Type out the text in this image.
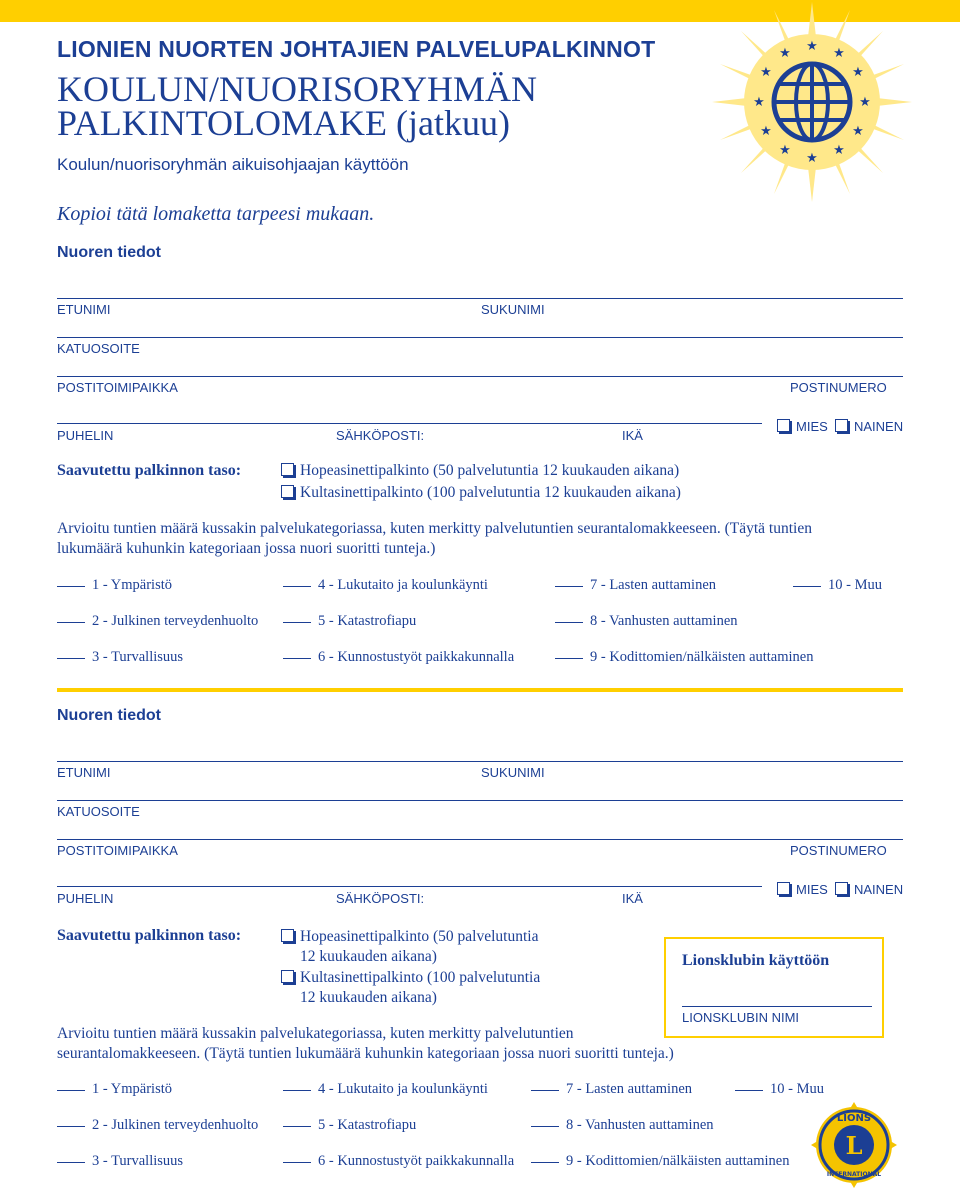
★ ★
★
★
★
★
★
★
★
★
★
★
LIONIEN NUORTEN JOHTAJIEN PALVELUPALKINNOT
KOULUN/NUORISORYHMÄN
PALKINTOLOMAKE (jatkuu)
Koulun/nuorisoryhmän aikuisohjaajan käyttöön
Kopioi tätä lomaketta tarpeesi mukaan.
Nuoren tiedot
ETUNIMI	SUKUNIMI
KATUOSOITE
POSTITOIMIPAIKKA	POSTINUMERO
PUHELIN	SÄHKÖPOSTI:	IKÄ
MIES	NAINEN
Saavutettu palkinnon taso:	Hopeasinettipalkinto (50 palvelutuntia 12 kuukauden aikana)
Kultasinettipalkinto (100 palvelutuntia 12 kuukauden aikana)
Arvioitu tuntien määrä kussakin palvelukategoriassa, kuten merkitty palvelutuntien seurantalomakkeeseen. (Täytä tuntien
lukumäärä kuhunkin kategoriaan jossa nuori suoritti tunteja.)
1 - Ympäristö	4 - Lukutaito ja koulunkäynti	7 - Lasten auttaminen	10 - Muu
2 - Julkinen terveydenhuolto	5 - Katastrofiapu	8 - Vanhusten auttaminen
3 - Turvallisuus	6 - Kunnostustyöt paikkakunnalla	9 - Kodittomien/nälkäisten auttaminen
Nuoren tiedot
ETUNIMI	SUKUNIMI
KATUOSOITE
POSTITOIMIPAIKKA	POSTINUMERO
PUHELIN	SÄHKÖPOSTI:	IKÄ
MIES	NAINEN
Saavutettu palkinnon taso:	Hopeasinettipalkinto (50 palvelutuntia
12 kuukauden aikana)
Kultasinettipalkinto (100 palvelutuntia
12 kuukauden aikana)
Lionsklubin käyttöön
LIONSKLUBIN NIMI
Arvioitu tuntien määrä kussakin palvelukategoriassa, kuten merkitty palvelutuntien
seurantalomakkeeseen. (Täytä tuntien lukumäärä kuhunkin kategoriaan jossa nuori suoritti tunteja.)
1 - Ympäristö	4 - Lukutaito ja koulunkäynti	7 - Lasten auttaminen	10 - Muu
2 - Julkinen terveydenhuolto	5 - Katastrofiapu	8 - Vanhusten auttaminen
3 - Turvallisuus	6 - Kunnostustyöt paikkakunnalla	9 - Kodittomien/nälkäisten auttaminen
L
LIONS
INTERNATIONAL
